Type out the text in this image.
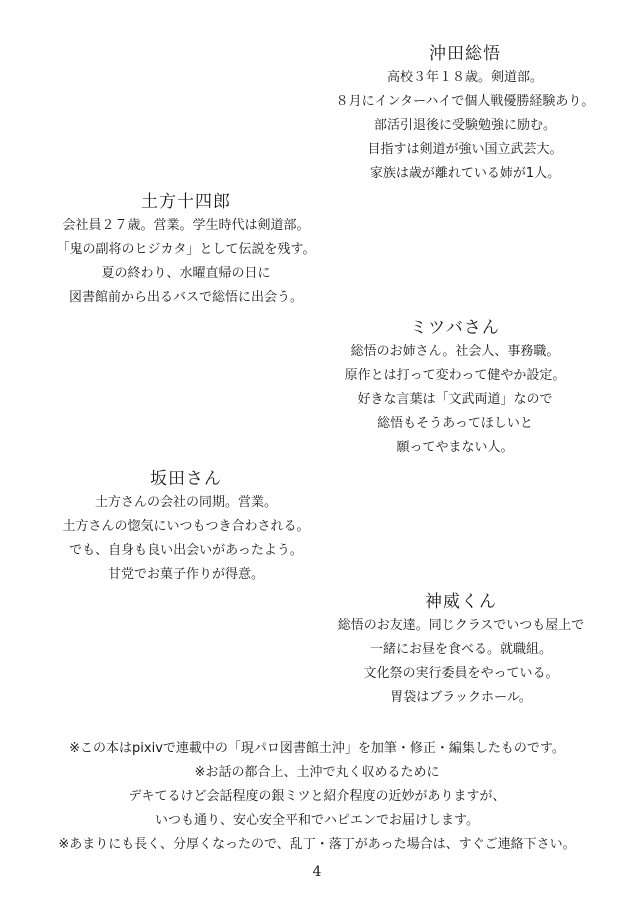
沖田総悟
高校３年１８歳。剣道部。
８月にインターハイで個人戦優勝経験あり。
部活引退後に受験勉強に励む。
目指すは剣道が強い国立武芸大。
家族は歳が離れている姉が1人。
土方十四郎
会社員２７歳。営業。学生時代は剣道部。
「鬼の副将のヒジカタ」として伝説を残す。
夏の終わり、水曜直帰の日に
図書館前から出るバスで総悟に出会う。
ミツバさん
総悟のお姉さん。社会人、事務職。
原作とは打って変わって健やか設定。
好きな言葉は「文武両道」なので
総悟もそうあってほしいと
願ってやまない人。
坂田さん
土方さんの会社の同期。営業。
土方さんの惚気にいつもつき合わされる。
でも、自身も良い出会いがあったよう。
甘党でお菓子作りが得意。
神威くん
総悟のお友達。同じクラスでいつも屋上で
一緒にお昼を食べる。就職組。
文化祭の実行委員をやっている。
胃袋はブラックホール。
※この本はpixivで連載中の「現パロ図書館土沖」を加筆・修正・編集したものです。
※お話の都合上、土沖で丸く収めるために
デキてるけど会話程度の銀ミツと紹介程度の近妙がありますが、
いつも通り、安心安全平和でハピエンでお届けします。
※あまりにも長く、分厚くなったので、乱丁・落丁があった場合は、すぐご連絡下さい。
4
